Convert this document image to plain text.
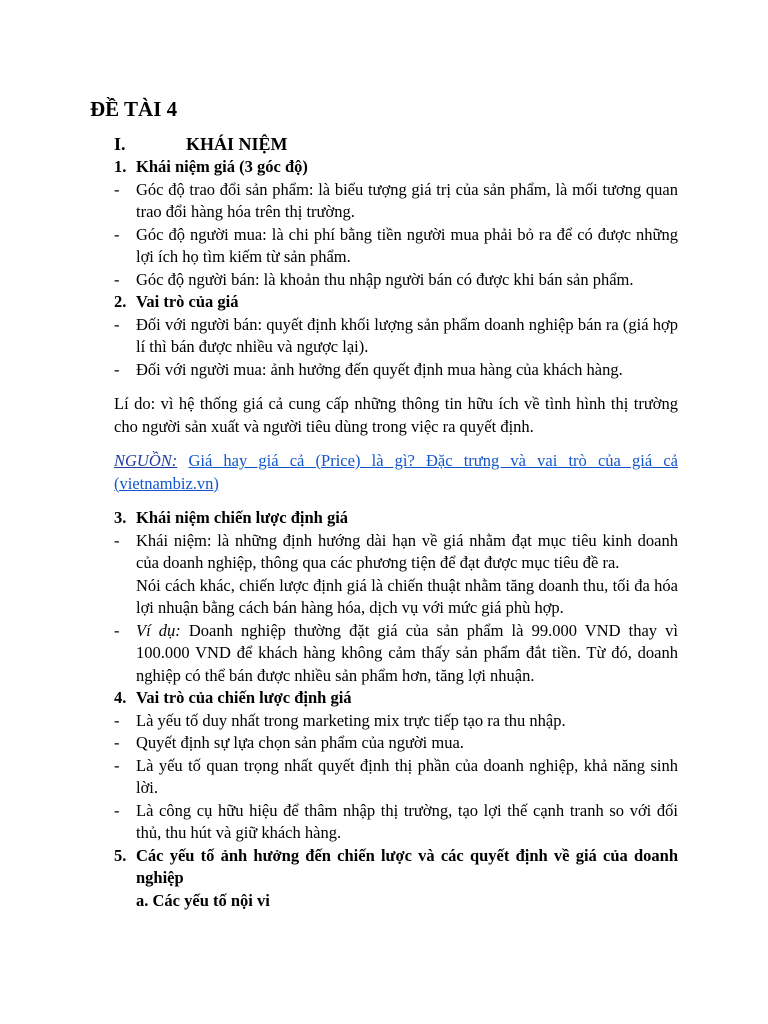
ĐỀ TÀI 4
I.	KHÁI NIỆM
1. Khái niệm giá (3 góc độ)
-	Góc độ trao đổi sản phẩm: là biểu tượng giá trị của sản phẩm, là mối tương quan trao đổi hàng hóa trên thị trường.
-	Góc độ người mua: là chi phí bằng tiền người mua phải bỏ ra để có được những lợi ích họ tìm kiếm từ sản phẩm.
-	Góc độ người bán: là khoản thu nhập người bán có được khi bán sản phẩm.
2. Vai trò của giá
-	Đối với người bán: quyết định khối lượng sản phẩm doanh nghiệp bán ra (giá hợp lí thì bán được nhiều và ngược lại).
-	Đối với người mua: ảnh hưởng đến quyết định mua hàng của khách hàng.
Lí do: vì hệ thống giá cả cung cấp những thông tin hữu ích về tình hình thị trường cho người sản xuất và người tiêu dùng trong việc ra quyết định.
NGUỒN: Giá hay giá cả (Price) là gì? Đặc trưng và vai trò của giá cả (vietnambiz.vn)
3. Khái niệm chiến lược định giá
-	Khái niệm: là những định hướng dài hạn về giá nhằm đạt mục tiêu kinh doanh của doanh nghiệp, thông qua các phương tiện để đạt được mục tiêu đề ra.
Nói cách khác, chiến lược định giá là chiến thuật nhằm tăng doanh thu, tối đa hóa lợi nhuận bằng cách bán hàng hóa, dịch vụ với mức giá phù hợp.
-	Ví dụ: Doanh nghiệp thường đặt giá của sản phẩm là 99.000 VND thay vì 100.000 VND để khách hàng không cảm thấy sản phẩm đắt tiền. Từ đó, doanh nghiệp có thể bán được nhiều sản phẩm hơn, tăng lợi nhuận.
4. Vai trò của chiến lược định giá
-	Là yếu tố duy nhất trong marketing mix trực tiếp tạo ra thu nhập.
-	Quyết định sự lựa chọn sản phẩm của người mua.
-	Là yếu tố quan trọng nhất quyết định thị phần của doanh nghiệp, khả năng sinh lời.
-	Là công cụ hữu hiệu để thâm nhập thị trường, tạo lợi thế cạnh tranh so với đối thủ, thu hút và giữ khách hàng.
5. Các yếu tố ảnh hưởng đến chiến lược và các quyết định về giá của doanh nghiệp
a. Các yếu tố nội vi
